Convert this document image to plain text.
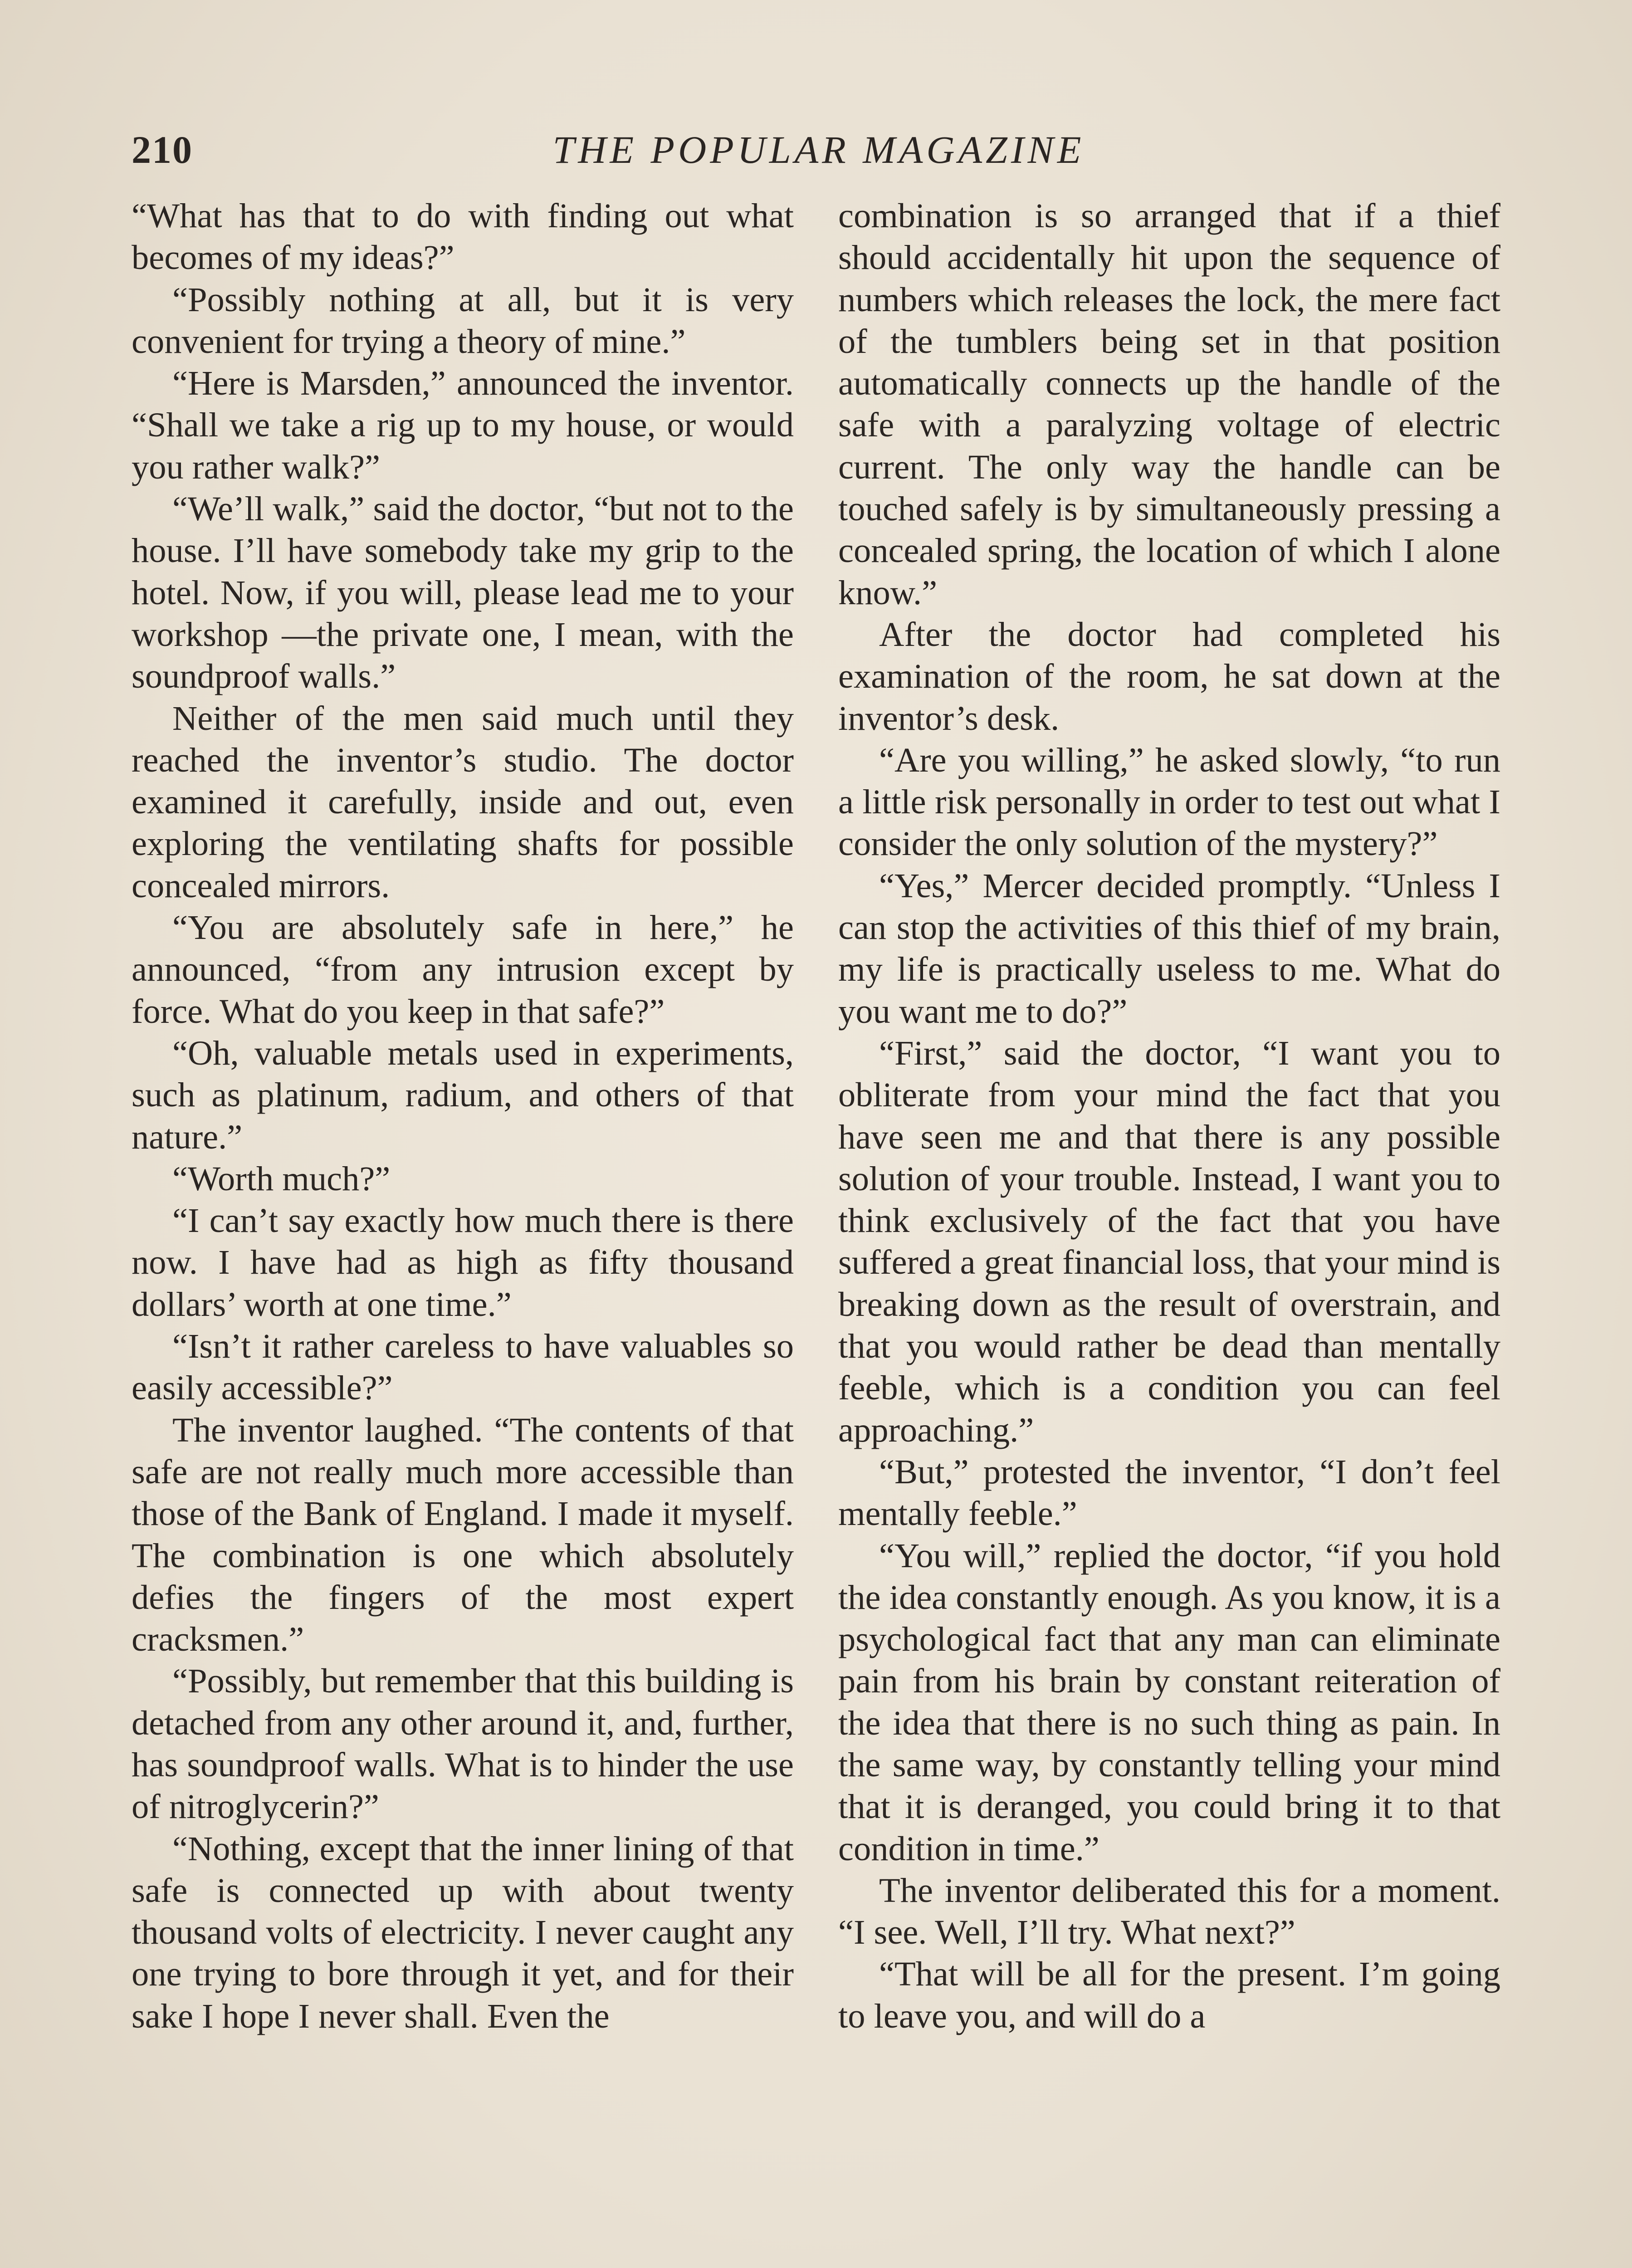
210	THE POPULAR MAGAZINE

“What has that to do with finding out what becomes of my ideas?”

“Possibly nothing at all, but it is very convenient for trying a theory of mine.”

“Here is Marsden,” announced the inventor. “Shall we take a rig up to my house, or would you rather walk?”

“We’ll walk,” said the doctor, “but not to the house. I’ll have somebody take my grip to the hotel. Now, if you will, please lead me to your workshop —the private one, I mean, with the soundproof walls.”

Neither of the men said much until they reached the inventor’s studio. The doctor examined it carefully, inside and out, even exploring the ventilating shafts for possible concealed mirrors.

“You are absolutely safe in here,” he announced, “from any intrusion except by force. What do you keep in that safe?”

“Oh, valuable metals used in experiments, such as platinum, radium, and others of that nature.”

“Worth much?”

“I can’t say exactly how much there is there now. I have had as high as fifty thousand dollars’ worth at one time.”

“Isn’t it rather careless to have valuables so easily accessible?”

The inventor laughed. “The contents of that safe are not really much more accessible than those of the Bank of England. I made it myself. The combination is one which absolutely defies the fingers of the most expert cracksmen.”

“Possibly, but remember that this building is detached from any other around it, and, further, has soundproof walls. What is to hinder the use of nitroglycerin?”

“Nothing, except that the inner lining of that safe is connected up with about twenty thousand volts of electricity. I never caught any one trying to bore through it yet, and for their sake I hope I never shall. Even the

combination is so arranged that if a thief should accidentally hit upon the sequence of numbers which releases the lock, the mere fact of the tumblers being set in that position automatically connects up the handle of the safe with a paralyzing voltage of electric current. The only way the handle can be touched safely is by simultaneously pressing a concealed spring, the location of which I alone know.”

After the doctor had completed his examination of the room, he sat down at the inventor’s desk.

“Are you willing,” he asked slowly, “to run a little risk personally in order to test out what I consider the only solution of the mystery?”

“Yes,” Mercer decided promptly. “Unless I can stop the activities of this thief of my brain, my life is practically useless to me. What do you want me to do?”

“First,” said the doctor, “I want you to obliterate from your mind the fact that you have seen me and that there is any possible solution of your trouble. Instead, I want you to think exclusively of the fact that you have suffered a great financial loss, that your mind is breaking down as the result of overstrain, and that you would rather be dead than mentally feeble, which is a condition you can feel approaching.”

“But,” protested the inventor, “I don’t feel mentally feeble.”

“You will,” replied the doctor, “if you hold the idea constantly enough. As you know, it is a psychological fact that any man can eliminate pain from his brain by constant reiteration of the idea that there is no such thing as pain. In the same way, by constantly telling your mind that it is deranged, you could bring it to that condition in time.”

The inventor deliberated this for a moment. “I see. Well, I’ll try. What next?”

“That will be all for the present. I’m going to leave you, and will do a
